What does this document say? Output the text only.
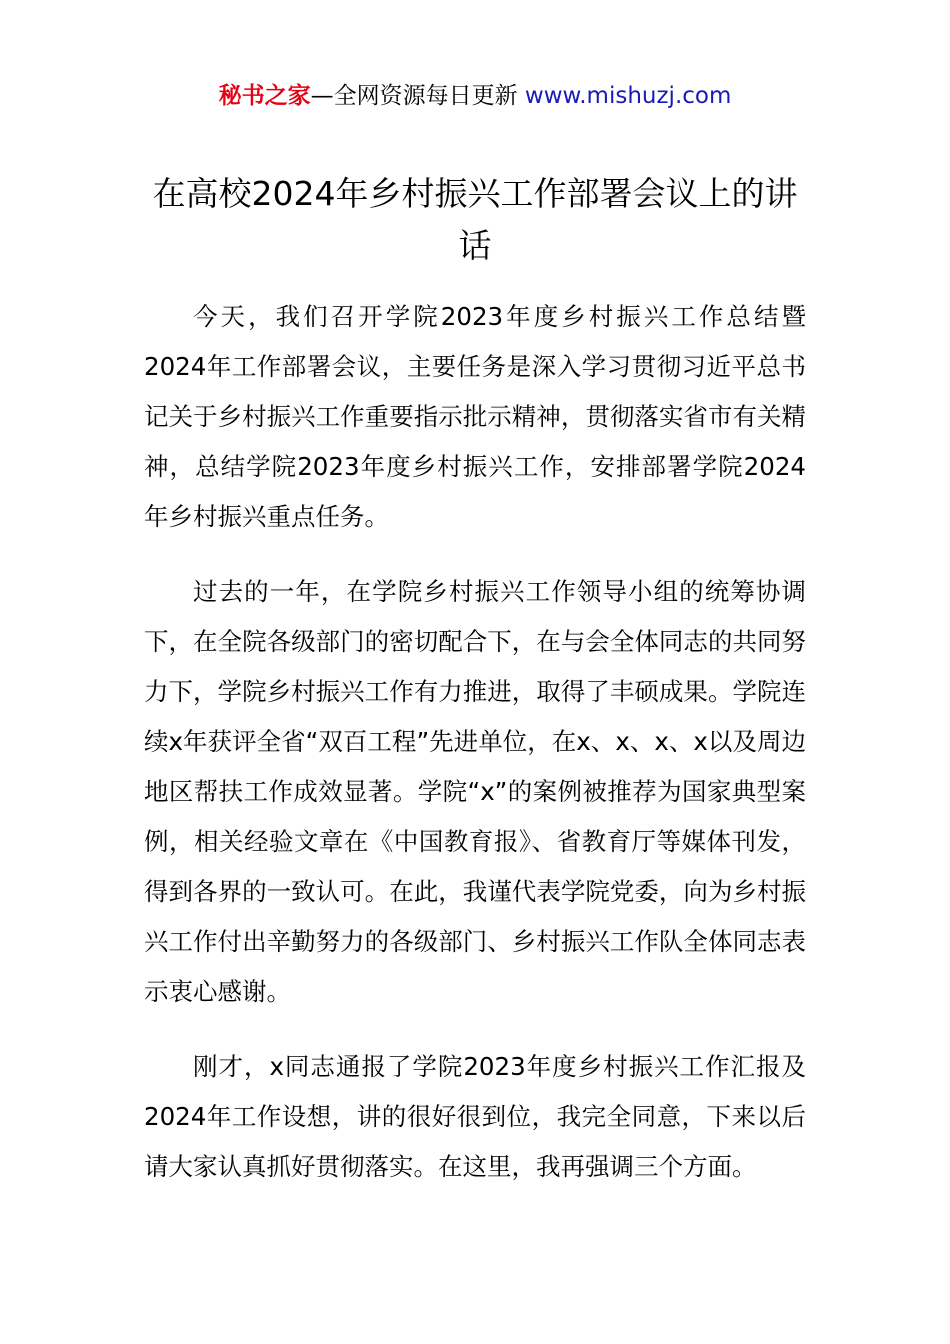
秘书之家—全网资源每日更新 www.mishuzj.com
在高校2024年乡村振兴工作部署会议上的讲话

今天，我们召开学院2023年度乡村振兴工作总结暨2024年工作部署会议，主要任务是深入学习贯彻习近平总书记关于乡村振兴工作重要指示批示精神，贯彻落实省市有关精神，总结学院2023年度乡村振兴工作，安排部署学院2024年乡村振兴重点任务。

过去的一年，在学院乡村振兴工作领导小组的统筹协调下，在全院各级部门的密切配合下，在与会全体同志的共同努力下，学院乡村振兴工作有力推进，取得了丰硕成果。学院连续x年获评全省“双百工程”先进单位，在x、x、x、x以及周边地区帮扶工作成效显著。学院“x”的案例被推荐为国家典型案例，相关经验文章在《中国教育报》、省教育厅等媒体刊发，得到各界的一致认可。在此，我谨代表学院党委，向为乡村振兴工作付出辛勤努力的各级部门、乡村振兴工作队全体同志表示衷心感谢。

刚才，x同志通报了学院2023年度乡村振兴工作汇报及2024年工作设想，讲的很好很到位，我完全同意，下来以后请大家认真抓好贯彻落实。在这里，我再强调三个方面。
